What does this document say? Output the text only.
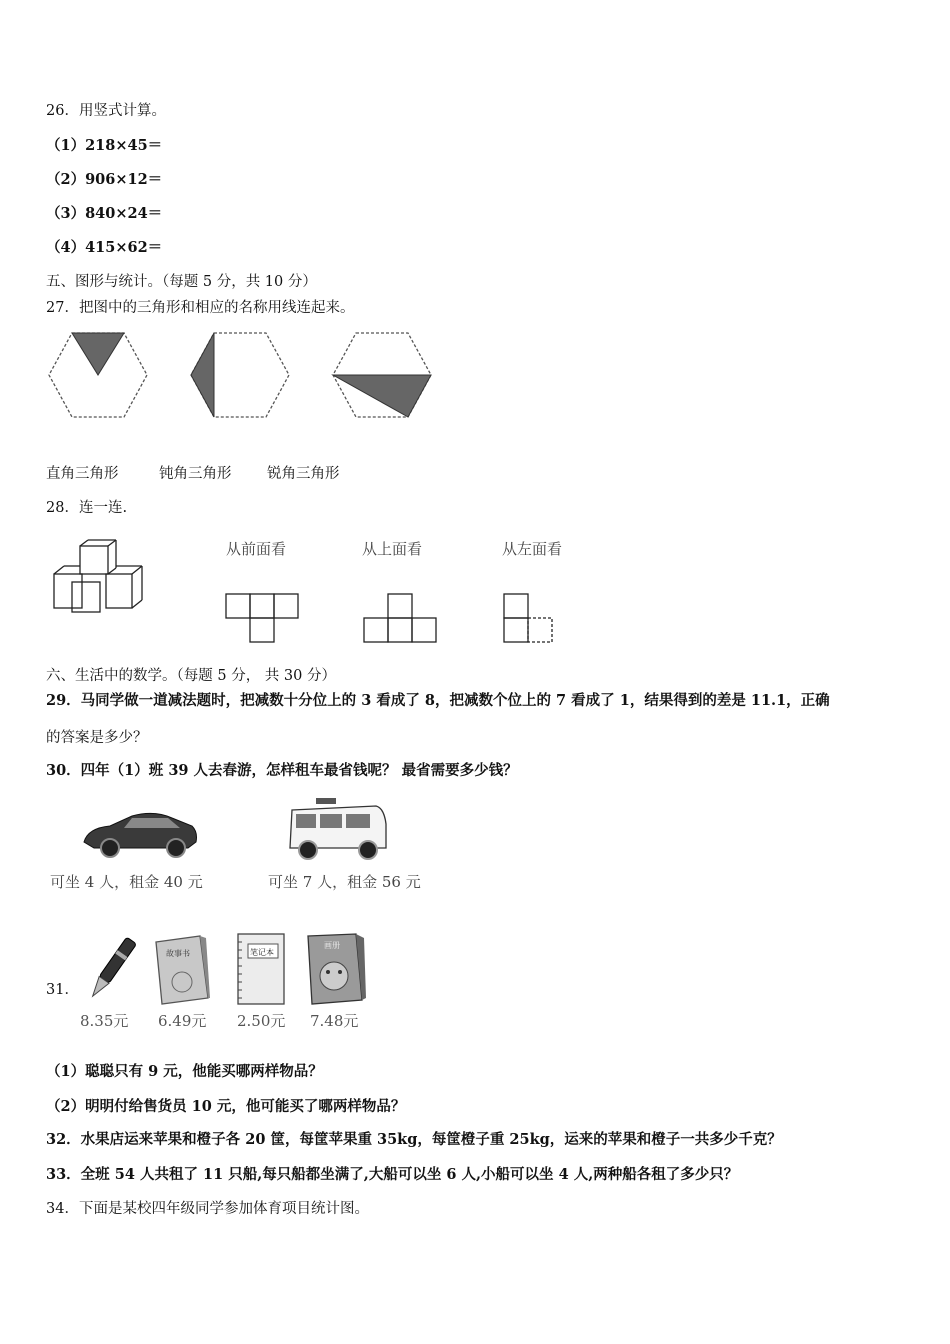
26．用竖式计算。
（1）218×45＝
（2）906×12＝
（3）840×24＝
（4）415×62＝
五、图形与统计。（每题 5 分，共 10 分）
27．把图中的三角形和相应的名称用线连起来。
直角三角形	钝角三角形 锐角三角形
28．连一连.
从前面看	从上面看	从左面看
六、生活中的数学。（每题 5 分， 共 30 分）
29．马同学做一道减法题时，把减数十分位上的 3 看成了 8，把减数个位上的 7 看成了 1，结果得到的差是 11.1，正确
的答案是多少？
30．四年（1）班 39 人去春游，怎样租车最省钱呢？ 最省需要多少钱？
可坐 4 人，租金 40 元	可坐 7 人，租金 56 元
31．
故事书	笔记本
画册
8.35元 6.49元 2.50元 7.48元
（1）聪聪只有 9 元，他能买哪两样物品？
（2）明明付给售货员 10 元，他可能买了哪两样物品？
32．水果店运来苹果和橙子各 20 筐，每筐苹果重 35kg，每筐橙子重 25kg，运来的苹果和橙子一共多少千克？
33．全班 54 人共租了 11 只船,每只船都坐满了,大船可以坐 6 人,小船可以坐 4 人,两种船各租了多少只？
34．下面是某校四年级同学参加体育项目统计图。
